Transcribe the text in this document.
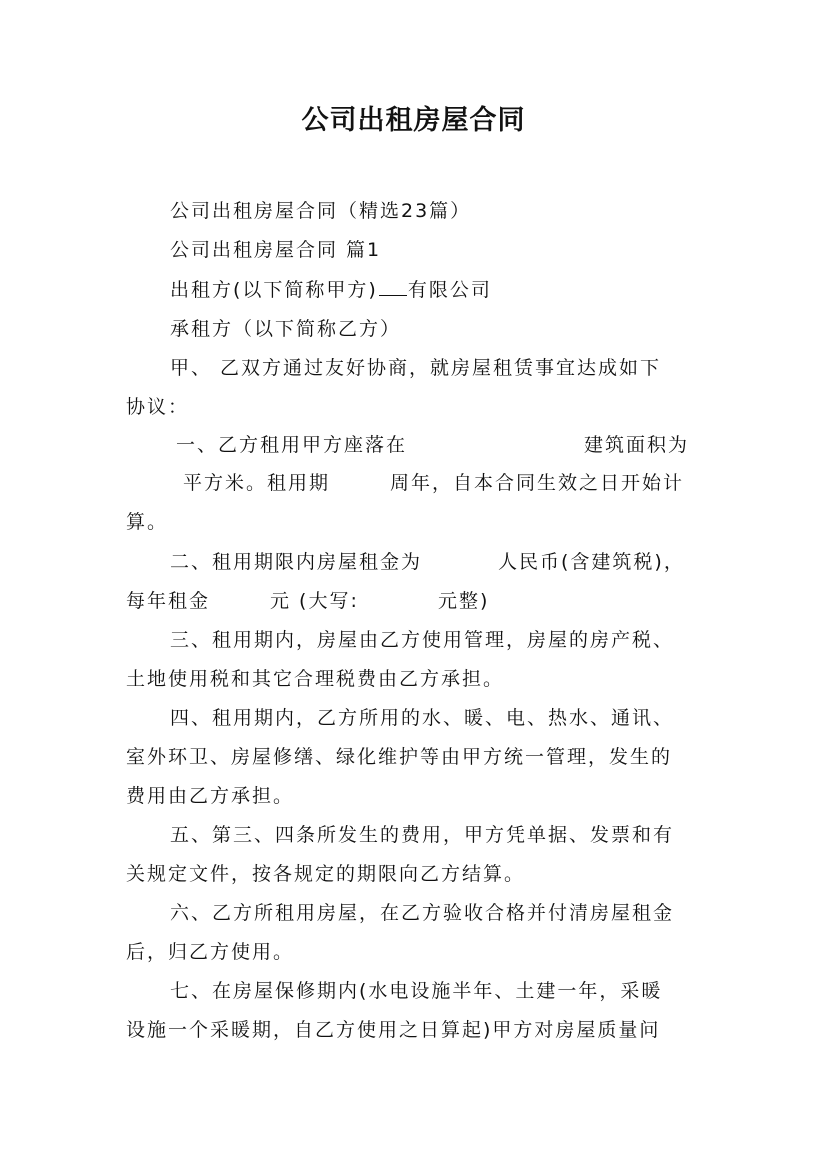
公司出租房屋合同
公司出租房屋合同（精选23篇）
公司出租房屋合同 篇1
出租方(以下简称甲方) 有限公司
承租方（以下简称乙方）
甲、 乙双方通过友好协商，就房屋租赁事宜达成如下
协议：
一、乙方租用甲方座落在	建筑面积为
平方米。租用期	周年，自本合同生效之日开始计
算。
二、租用期限内房屋租金为	人民币(含建筑税)，
每年租金	元 (大写:	元整)
三、租用期内，房屋由乙方使用管理，房屋的房产税、
土地使用税和其它合理税费由乙方承担。
四、租用期内，乙方所用的水、暖、电、热水、通讯、
室外环卫、房屋修缮、绿化维护等由甲方统一管理，发生的
费用由乙方承担。
五、第三、四条所发生的费用，甲方凭单据、发票和有
关规定文件，按各规定的期限向乙方结算。
六、乙方所租用房屋，在乙方验收合格并付清房屋租金
后，归乙方使用。
七、在房屋保修期内(水电设施半年、土建一年，采暖
设施一个采暖期，自乙方使用之日算起)甲方对房屋质量问
